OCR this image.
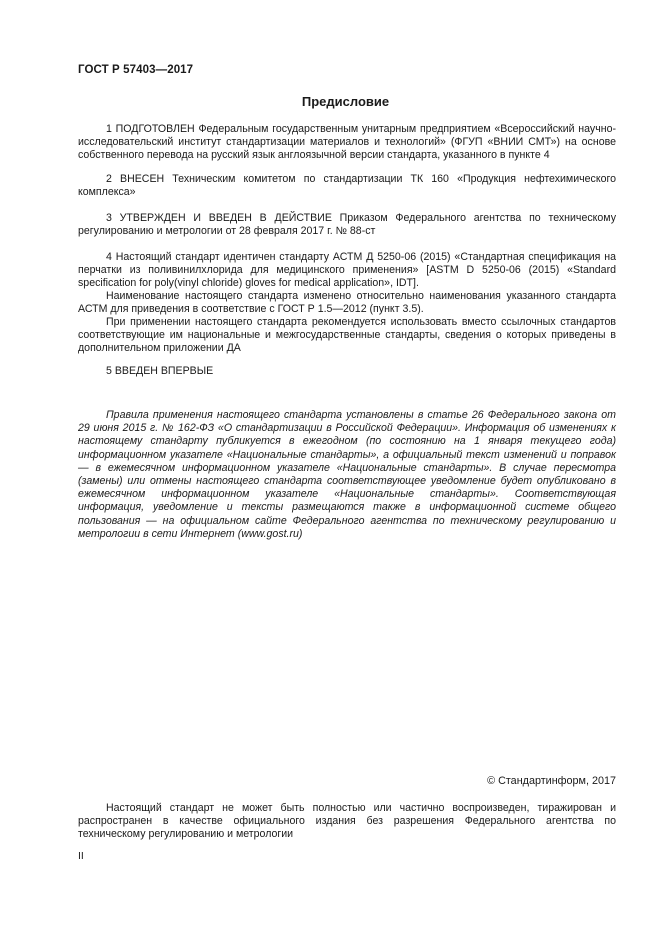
ГОСТ Р 57403—2017
Предисловие

1 ПОДГОТОВЛЕН Федеральным государственным унитарным предприятием «Всероссийский научно-исследовательский институт стандартизации материалов и технологий» (ФГУП «ВНИИ СМТ») на основе собственного перевода на русский язык англоязычной версии стандарта, указанного в пункте 4

2 ВНЕСЕН Техническим комитетом по стандартизации ТК 160 «Продукция нефтехимического комплекса»

3 УТВЕРЖДЕН И ВВЕДЕН В ДЕЙСТВИЕ Приказом Федерального агентства по техническому регулированию и метрологии от 28 февраля 2017 г. № 88-ст

4 Настоящий стандарт идентичен стандарту АСТМ Д 5250-06 (2015) «Стандартная спецификация на перчатки из поливинилхлорида для медицинского применения» [ASTM D 5250-06 (2015) «Standard specification for poly(vinyl chloride) gloves for medical application», IDT].

Наименование настоящего стандарта изменено относительно наименования указанного стандарта АСТМ для приведения в соответствие с ГОСТ Р 1.5—2012 (пункт 3.5).

При применении настоящего стандарта рекомендуется использовать вместо ссылочных стандартов соответствующие им национальные и межгосударственные стандарты, сведения о которых приведены в дополнительном приложении ДА

5 ВВЕДЕН ВПЕРВЫЕ

Правила применения настоящего стандарта установлены в статье 26 Федерального закона от 29 июня 2015 г. № 162-ФЗ «О стандартизации в Российской Федерации». Информация об изменениях к настоящему стандарту публикуется в ежегодном (по состоянию на 1 января текущего года) информационном указателе «Национальные стандарты», а официальный текст изменений и поправок — в ежемесячном информационном указателе «Национальные стандарты». В случае пересмотра (замены) или отмены настоящего стандарта соответствующее уведомление будет опубликовано в ежемесячном информационном указателе «Национальные стандарты». Соответствующая информация, уведомление и тексты размещаются также в информационной системе общего пользования — на официальном сайте Федерального агентства по техническому регулированию и метрологии в сети Интернет (www.gost.ru)

© Стандартинформ, 2017

Настоящий стандарт не может быть полностью или частично воспроизведен, тиражирован и распространен в качестве официального издания без разрешения Федерального агентства по техническому регулированию и метрологии

II
